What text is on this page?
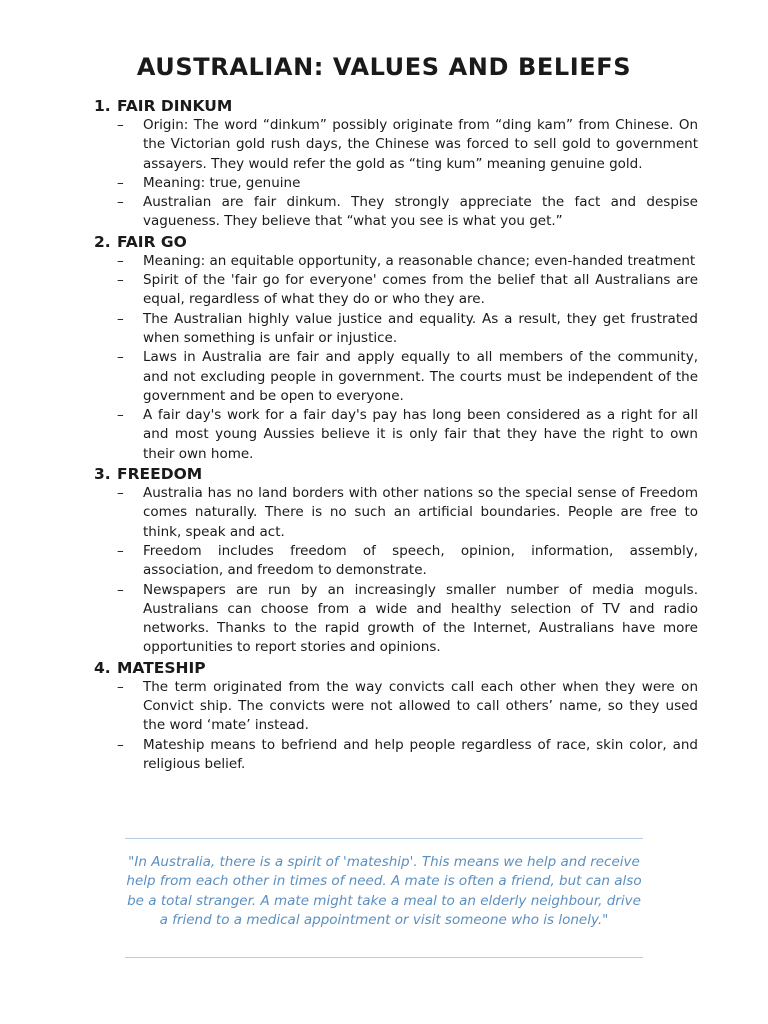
AUSTRALIAN: VALUES AND BELIEFS
1. FAIR DINKUM
– Origin: The word “dinkum” possibly originate from “ding kam” from Chinese. On the Victorian gold rush days, the Chinese was forced to sell gold to government assayers. They would refer the gold as “ting kum” meaning genuine gold.
– Meaning: true, genuine
– Australian are fair dinkum. They strongly appreciate the fact and despise vagueness. They believe that “what you see is what you get.”
2. FAIR GO
– Meaning: an equitable opportunity, a reasonable chance; even-handed treatment
– Spirit of the 'fair go for everyone' comes from the belief that all Australians are equal, regardless of what they do or who they are.
– The Australian highly value justice and equality. As a result, they get frustrated when something is unfair or injustice.
– Laws in Australia are fair and apply equally to all members of the community, and not excluding people in government. The courts must be independent of the government and be open to everyone.
– A fair day's work for a fair day's pay has long been considered as a right for all and most young Aussies believe it is only fair that they have the right to own their own home.
3. FREEDOM
– Australia has no land borders with other nations so the special sense of Freedom comes naturally. There is no such an artificial boundaries. People are free to think, speak and act.
– Freedom includes freedom of speech, opinion, information, assembly, association, and freedom to demonstrate.
– Newspapers are run by an increasingly smaller number of media moguls. Australians can choose from a wide and healthy selection of TV and radio networks. Thanks to the rapid growth of the Internet, Australians have more opportunities to report stories and opinions.
4. MATESHIP
– The term originated from the way convicts call each other when they were on Convict ship. The convicts were not allowed to call others’ name, so they used the word ‘mate’ instead.
– Mateship means to befriend and help people regardless of race, skin color, and religious belief.

"In Australia, there is a spirit of 'mateship'. This means we help and receive help from each other in times of need. A mate is often a friend, but can also be a total stranger. A mate might take a meal to an elderly neighbour, drive a friend to a medical appointment or visit someone who is lonely."
